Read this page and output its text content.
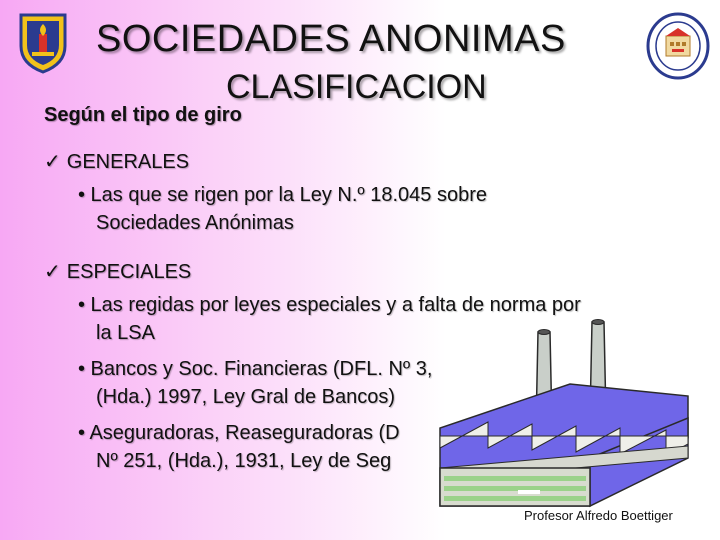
SOCIEDADES ANONIMAS
CLASIFICACION
Según el tipo de giro
✓ GENERALES
• Las que se rigen por la Ley N.º 18.045 sobre
Sociedades Anónimas
✓ ESPECIALES
• Las regidas por leyes especiales y a falta de norma por
la LSA
• Bancos y Soc. Financieras (DFL. Nº 3,
(Hda.) 1997, Ley Gral de Bancos)
• Aseguradoras, Reaseguradoras (D
Nº 251, (Hda.), 1931, Ley de Seg
Profesor Alfredo Boettiger
